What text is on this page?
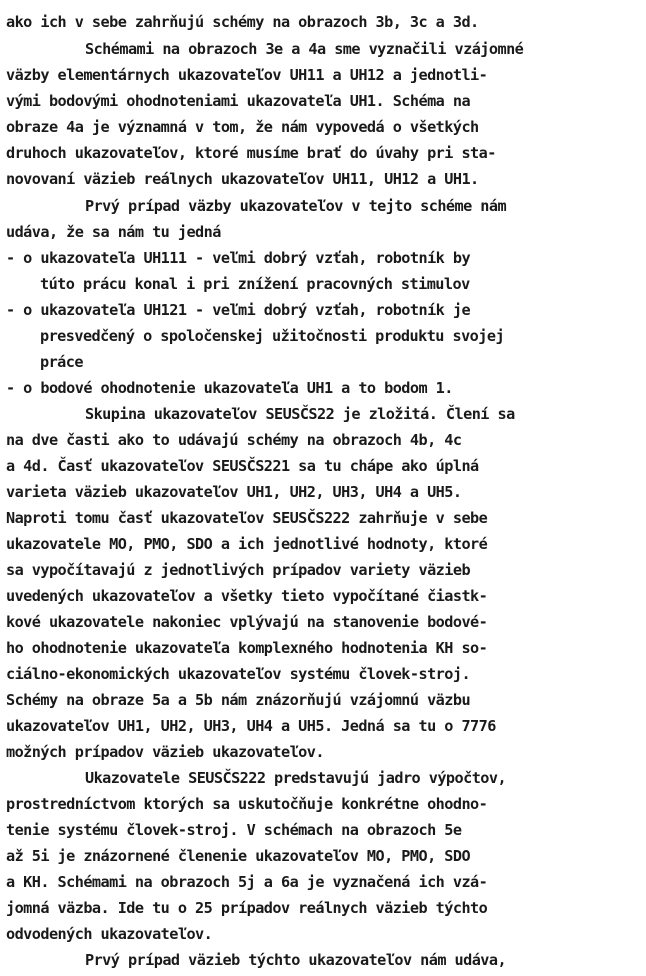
ako ich v sebe zahrňujú schémy na obrazoch 3b, 3c a 3d.
Schémami na obrazoch 3e a 4a sme vyznačili vzájomné
väzby elementárnych ukazovateľov UH11 a UH12 a jednotli-
vými bodovými ohodnoteniami ukazovateľa UH1. Schéma na
obraze 4a je významná v tom, že nám vypovedá o všetkých
druhoch ukazovateľov, ktoré musíme brať do úvahy pri sta-
novovaní väzieb reálnych ukazovateľov UH11, UH12 a UH1.
Prvý prípad väzby ukazovateľov v tejto schéme nám
udáva, že sa nám tu jedná
- o ukazovateľa UH111 - veľmi dobrý vzťah, robotník by
túto prácu konal i pri znížení pracovných stimulov
- o ukazovateľa UH121 - veľmi dobrý vzťah, robotník je
presvedčený o spoločenskej užitočnosti produktu svojej
práce
- o bodové ohodnotenie ukazovateľa UH1 a to bodom 1.
Skupina ukazovateľov SEUSČS22 je zložitá. Člení sa
na dve časti ako to udávajú schémy na obrazoch 4b, 4c
a 4d. Časť ukazovateľov SEUSČS221 sa tu chápe ako úplná
varieta väzieb ukazovateľov UH1, UH2, UH3, UH4 a UH5.
Naproti tomu časť ukazovateľov SEUSČS222 zahrňuje v sebe
ukazovatele MO, PMO, SDO a ich jednotlivé hodnoty, ktoré
sa vypočítavajú z jednotlivých prípadov variety väzieb
uvedených ukazovateľov a všetky tieto vypočítané čiastk-
kové ukazovatele nakoniec vplývajú na stanovenie bodové-
ho ohodnotenie ukazovateľa komplexného hodnotenia KH so-
ciálno-ekonomických ukazovateľov systému človek-stroj.
Schémy na obraze 5a a 5b nám znázorňujú vzájomnú väzbu
ukazovateľov UH1, UH2, UH3, UH4 a UH5. Jedná sa tu o 7776
možných prípadov väzieb ukazovateľov.
Ukazovatele SEUSČS222 predstavujú jadro výpočtov,
prostredníctvom ktorých sa uskutočňuje konkrétne ohodno-
tenie systému človek-stroj. V schémach na obrazoch 5e
až 5i je znázornené členenie ukazovateľov MO, PMO, SDO
a KH. Schémami na obrazoch 5j a 6a je vyznačená ich vzá-
jomná väzba. Ide tu o 25 prípadov reálnych väzieb týchto
odvodených ukazovateľov.
Prvý prípad väzieb týchto ukazovateľov nám udáva,
